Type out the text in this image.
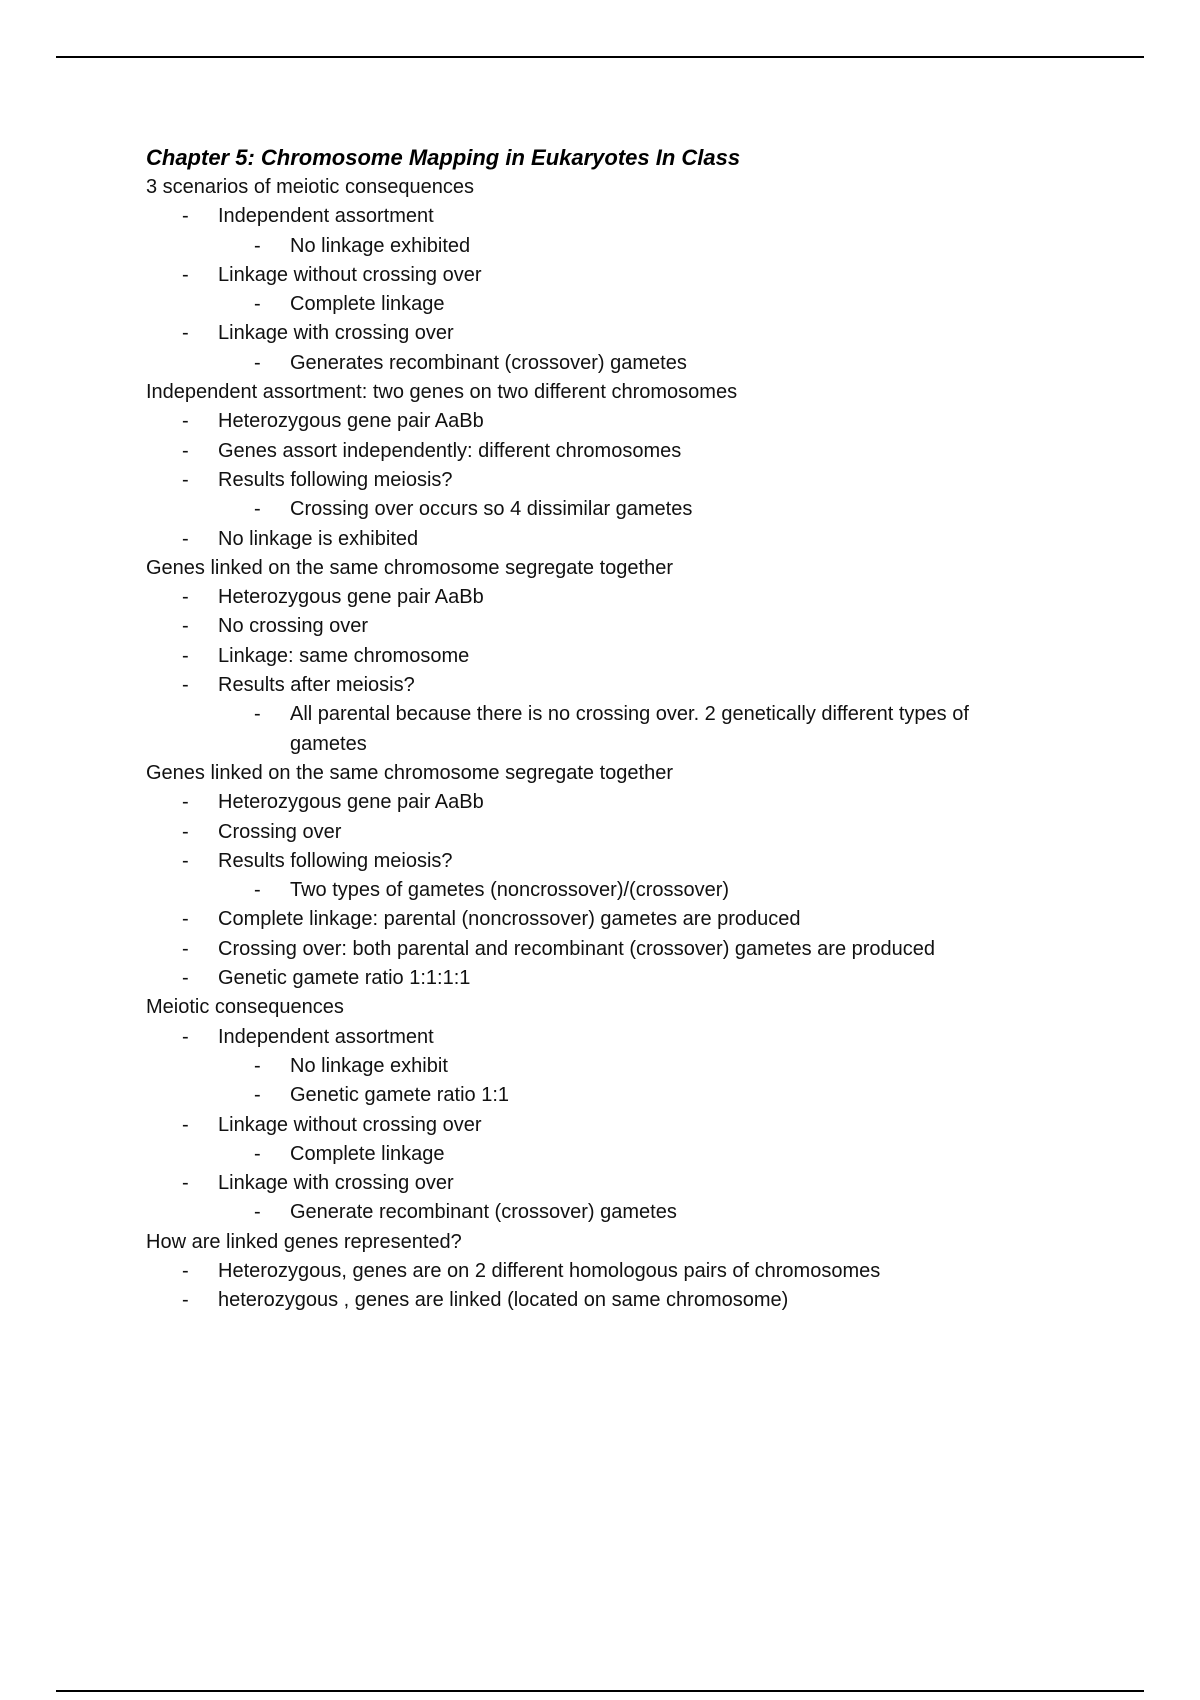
Chapter 5: Chromosome Mapping in Eukaryotes In Class
3 scenarios of meiotic consequences
- Independent assortment
- No linkage exhibited
- Linkage without crossing over
- Complete linkage
- Linkage with crossing over
- Generates recombinant (crossover) gametes
Independent assortment: two genes on two different chromosomes
- Heterozygous gene pair AaBb
- Genes assort independently: different chromosomes
- Results following meiosis?
- Crossing over occurs so 4 dissimilar gametes
- No linkage is exhibited
Genes linked on the same chromosome segregate together
- Heterozygous gene pair AaBb
- No crossing over
- Linkage: same chromosome
- Results after meiosis?
- All parental because there is no crossing over. 2 genetically different types of gametes
Genes linked on the same chromosome segregate together
- Heterozygous gene pair AaBb
- Crossing over
- Results following meiosis?
- Two types of gametes (noncrossover)/(crossover)
- Complete linkage: parental (noncrossover) gametes are produced
- Crossing over: both parental and recombinant (crossover) gametes are produced
- Genetic gamete ratio 1:1:1:1
Meiotic consequences
- Independent assortment
- No linkage exhibit
- Genetic gamete ratio 1:1
- Linkage without crossing over
- Complete linkage
- Linkage with crossing over
- Generate recombinant (crossover) gametes
How are linked genes represented?
- Heterozygous, genes are on 2 different homologous pairs of chromosomes
- heterozygous , genes are linked (located on same chromosome)
